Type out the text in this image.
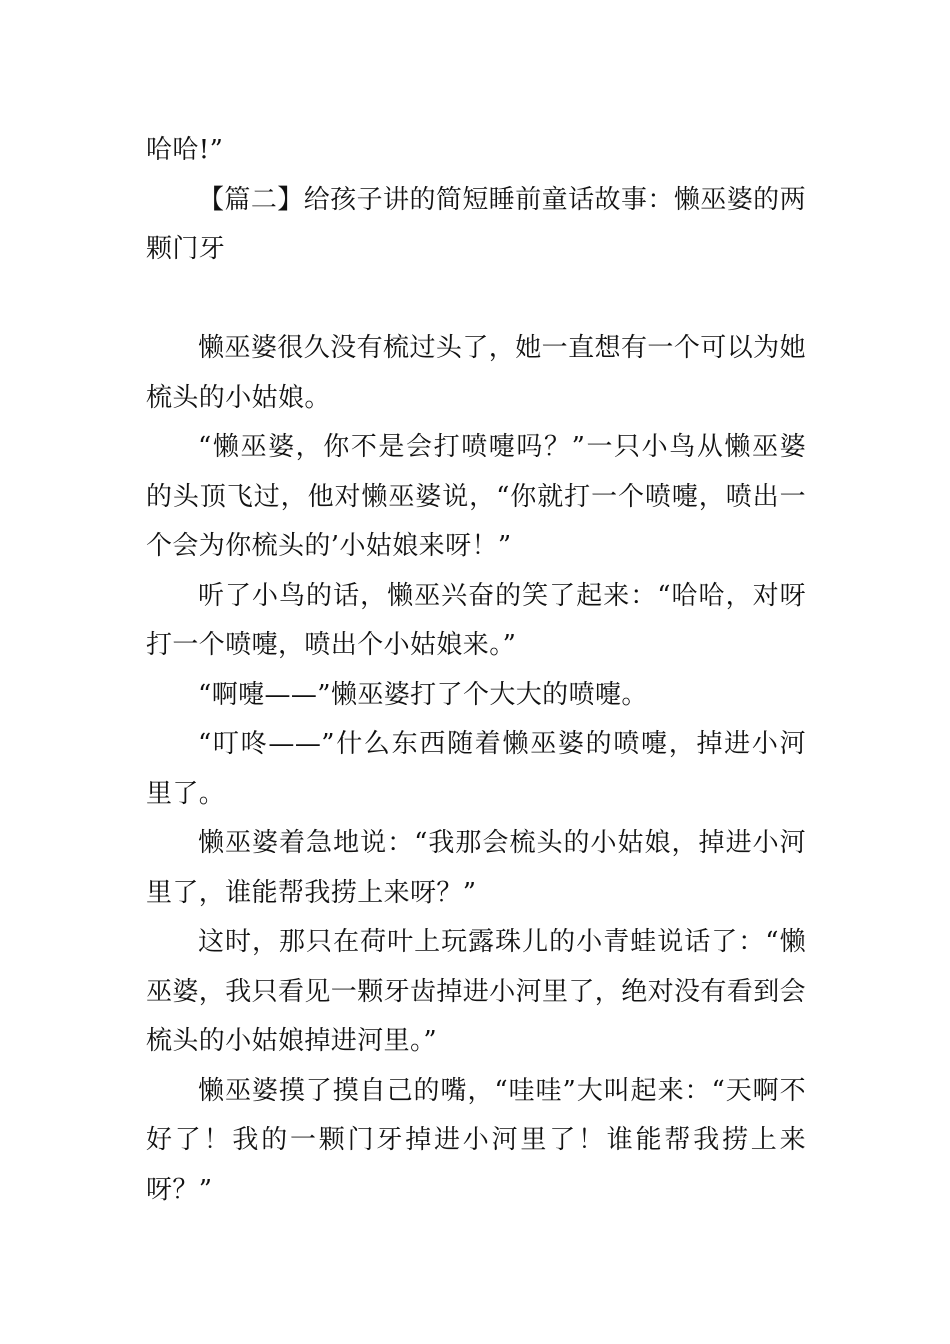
哈哈!”

【篇二】给孩子讲的简短睡前童话故事：懒巫婆的两颗门牙

懒巫婆很久没有梳过头了，她一直想有一个可以为她梳头的小姑娘。

“懒巫婆，你不是会打喷嚏吗？”一只小鸟从懒巫婆的头顶飞过，他对懒巫婆说，“你就打一个喷嚏，喷出一个会为你梳头的’小姑娘来呀！”

听了小鸟的话，懒巫兴奋的笑了起来：“哈哈，对呀打一个喷嚏，喷出个小姑娘来。”

“啊嚏——”懒巫婆打了个大大的喷嚏。

“叮咚——”什么东西随着懒巫婆的喷嚏，掉进小河里了。

懒巫婆着急地说：“我那会梳头的小姑娘，掉进小河里了，谁能帮我捞上来呀？”

这时，那只在荷叶上玩露珠儿的小青蛙说话了：“懒巫婆，我只看见一颗牙齿掉进小河里了，绝对没有看到会梳头的小姑娘掉进河里。”

懒巫婆摸了摸自己的嘴，“哇哇”大叫起来：“天啊不好了！我的一颗门牙掉进小河里了！谁能帮我捞上来呀？”
